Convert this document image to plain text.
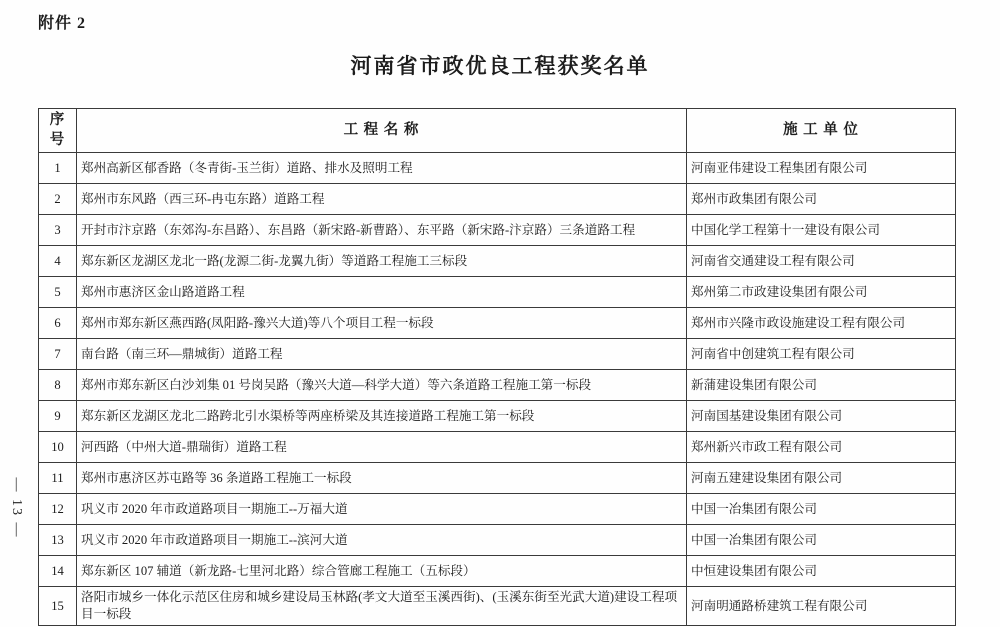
附件 2
河南省市政优良工程获奖名单
— 13 —
序号	工 程 名 称	施 工 单 位
1	郑州高新区郁香路（冬青街-玉兰街）道路、排水及照明工程	河南亚伟建设工程集团有限公司
2	郑州市东风路（西三环-冉屯东路）道路工程	郑州市政集团有限公司
3	开封市汴京路（东郊沟-东昌路）、东昌路（新宋路-新曹路）、东平路（新宋路-汴京路）三条道路工程	中国化学工程第十一建设有限公司
4	郑东新区龙湖区龙北一路(龙源二街-龙翼九街）等道路工程施工三标段	河南省交通建设工程有限公司
5	郑州市惠济区金山路道路工程	郑州第二市政建设集团有限公司
6	郑州市郑东新区燕西路(凤阳路-豫兴大道)等八个项目工程一标段	郑州市兴隆市政设施建设工程有限公司
7	南台路（南三环—鼎城街）道路工程	河南省中创建筑工程有限公司
8	郑州市郑东新区白沙刘集 01 号岗吴路（豫兴大道—科学大道）等六条道路工程施工第一标段	新蒲建设集团有限公司
9	郑东新区龙湖区龙北二路跨北引水渠桥等两座桥梁及其连接道路工程施工第一标段	河南国基建设集团有限公司
10	河西路（中州大道-鼎瑞街）道路工程	郑州新兴市政工程有限公司
11	郑州市惠济区苏屯路等 36 条道路工程施工一标段	河南五建建设集团有限公司
12	巩义市 2020 年市政道路项目一期施工--万福大道	中国一冶集团有限公司
13	巩义市 2020 年市政道路项目一期施工--滨河大道	中国一冶集团有限公司
14	郑东新区 107 辅道（新龙路-七里河北路）综合管廊工程施工（五标段）	中恒建设集团有限公司
15	洛阳市城乡一体化示范区住房和城乡建设局玉林路(孝文大道至玉溪西街)、(玉溪东街至光武大道)建设工程项目一标段	河南明通路桥建筑工程有限公司
